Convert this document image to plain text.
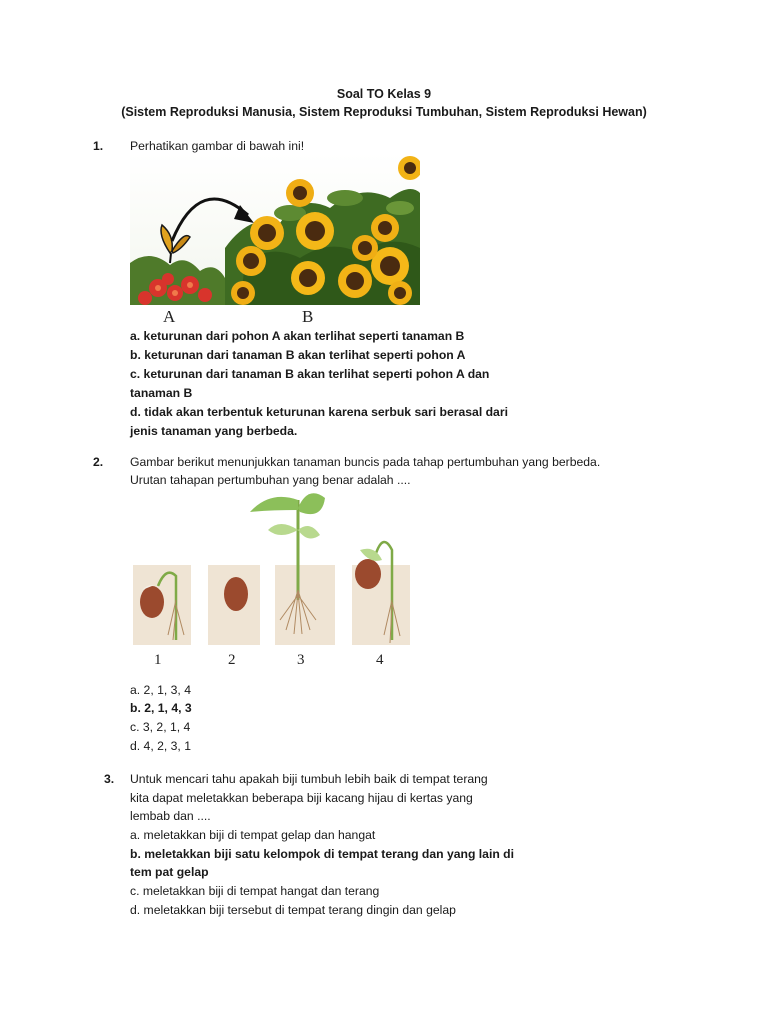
Soal TO Kelas 9
(Sistem Reproduksi Manusia, Sistem Reproduksi Tumbuhan, Sistem Reproduksi Hewan)
1. Perhatikan gambar di bawah ini!
A	B
a. keturunan dari pohon A akan terlihat seperti tanaman B
b. keturunan dari tanaman B akan terlihat seperti pohon A
c. keturunan dari tanaman B akan terlihat seperti pohon A dan
tanaman B
d. tidak akan terbentuk keturunan karena serbuk sari berasal dari
jenis tanaman yang berbeda.
2. Gambar berikut menunjukkan tanaman buncis pada tahap pertumbuhan yang berbeda.
Urutan tahapan pertumbuhan yang benar adalah ....
1	2	3	4
a. 2, 1, 3, 4
b. 2, 1, 4, 3
c. 3, 2, 1, 4
d. 4, 2, 3, 1
3. Untuk mencari tahu apakah biji tumbuh lebih baik di tempat terang
kita dapat meletakkan beberapa biji kacang hijau di kertas yang
lembab dan ....
a. meletakkan biji di tempat gelap dan hangat
b. meletakkan biji satu kelompok di tempat terang dan yang lain di
tem pat gelap
c. meletakkan biji di tempat hangat dan terang
d. meletakkan biji tersebut di tempat terang dingin dan gelap
